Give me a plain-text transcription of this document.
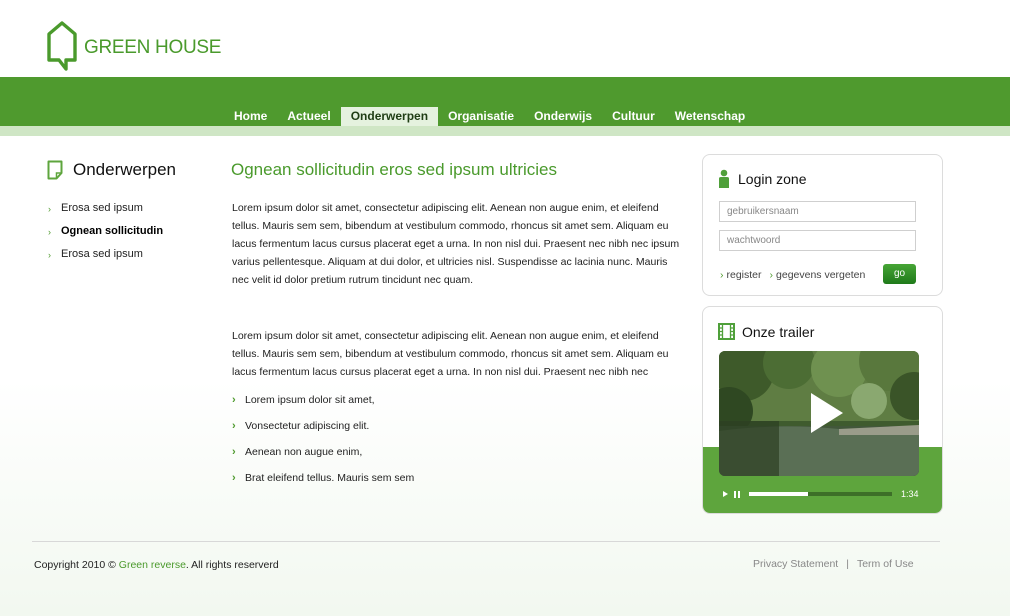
GREEN HOUSE
Home	Actueel	Onderwerpen	Organisatie	Onderwijs	Cultuur	Wetenschap
Onderwerpen
› Erosa sed ipsum
› Ognean sollicitudin
› Erosa sed ipsum
Ognean sollicitudin eros sed ipsum ultricies

Lorem ipsum dolor sit amet, consectetur adipiscing elit. Aenean non augue enim, et eleifend tellus. Mauris sem sem, bibendum at vestibulum commodo, rhoncus sit amet sem. Aliquam eu lacus fermentum lacus cursus placerat eget a urna. In non nisl dui. Praesent nec nibh nec ipsum varius pellentesque. Aliquam at dui dolor, et ultricies nisl. Suspendisse ac lacinia nunc. Mauris nec velit id dolor pretium rutrum tincidunt nec quam.

Lorem ipsum dolor sit amet, consectetur adipiscing elit. Aenean non augue enim, et eleifend tellus. Mauris sem sem, bibendum at vestibulum commodo, rhoncus sit amet sem. Aliquam eu lacus fermentum lacus cursus placerat eget a urna. In non nisl dui. Praesent nec nibh nec

› Lorem ipsum dolor sit amet,
› Vonsectetur adipiscing elit.
› Aenean non augue enim,
› Brat eleifend tellus. Mauris sem sem
Login zone
gebruikersnaam
wachtwoord
› register › gegevens vergeten	go
Onze trailer
1:34
Copyright 2010 © Green reverse. All rights reserverd	Privacy Statement | Term of Use
